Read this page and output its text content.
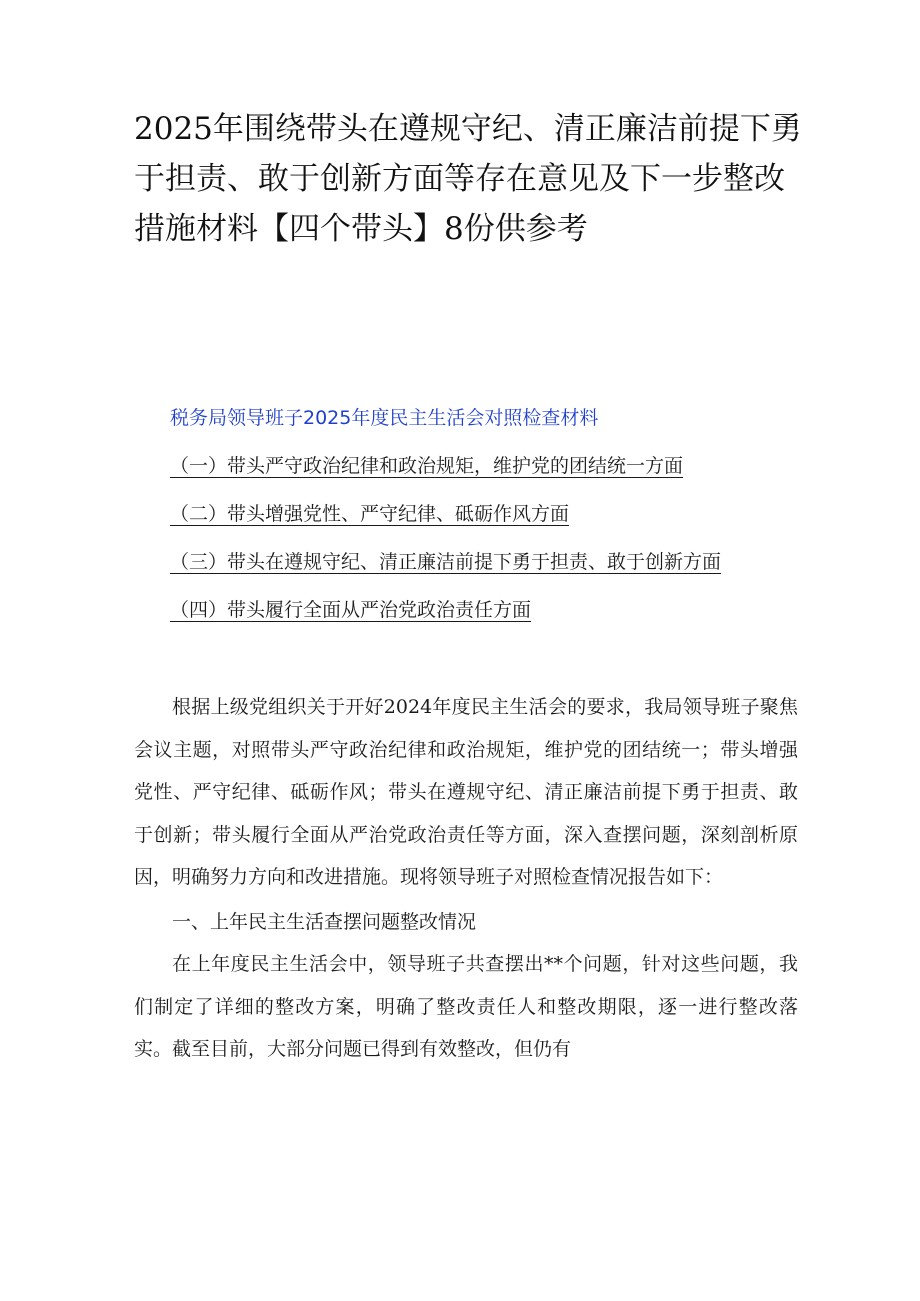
2025年围绕带头在遵规守纪、清正廉洁前提下勇于担责、敢于创新方面等存在意见及下一步整改措施材料【四个带头】8份供参考
税务局领导班子2025年度民主生活会对照检查材料
（一）带头严守政治纪律和政治规矩，维护党的团结统一方面
（二）带头增强党性、严守纪律、砥砺作风方面
（三）带头在遵规守纪、清正廉洁前提下勇于担责、敢于创新方面
（四）带头履行全面从严治党政治责任方面

根据上级党组织关于开好2024年度民主生活会的要求，我局领导班子聚焦会议主题，对照带头严守政治纪律和政治规矩，维护党的团结统一；带头增强党性、严守纪律、砥砺作风；带头在遵规守纪、清正廉洁前提下勇于担责、敢于创新；带头履行全面从严治党政治责任等方面，深入查摆问题，深刻剖析原因，明确努力方向和改进措施。现将领导班子对照检查情况报告如下：

一、上年民主生活查摆问题整改情况

在上年度民主生活会中，领导班子共查摆出**个问题，针对这些问题，我们制定了详细的整改方案，明确了整改责任人和整改期限，逐一进行整改落实。截至目前，大部分问题已得到有效整改，但仍有
